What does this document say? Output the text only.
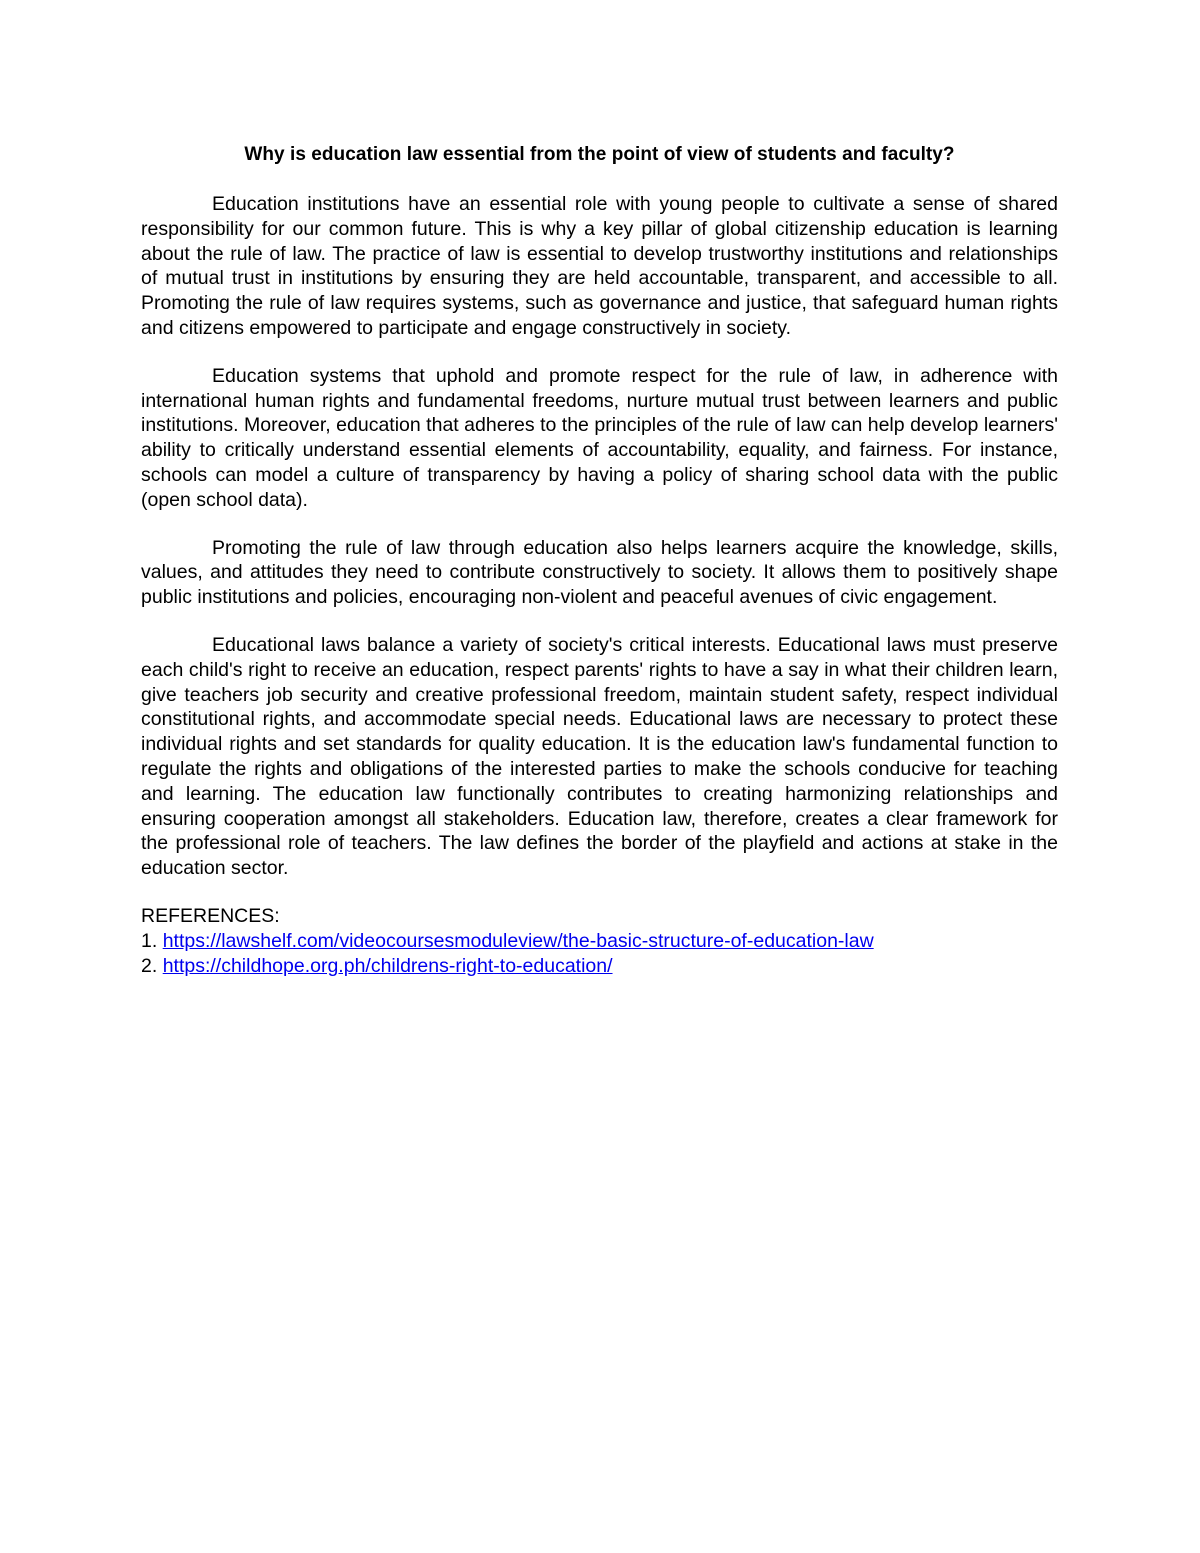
Why is education law essential from the point of view of students and faculty?

Education institutions have an essential role with young people to cultivate a sense of shared responsibility for our common future. This is why a key pillar of global citizenship education is learning about the rule of law. The practice of law is essential to develop trustworthy institutions and relationships of mutual trust in institutions by ensuring they are held accountable, transparent, and accessible to all. Promoting the rule of law requires systems, such as governance and justice, that safeguard human rights and citizens empowered to participate and engage constructively in society.

Education systems that uphold and promote respect for the rule of law, in adherence with international human rights and fundamental freedoms, nurture mutual trust between learners and public institutions. Moreover, education that adheres to the principles of the rule of law can help develop learners' ability to critically understand essential elements of accountability, equality, and fairness. For instance, schools can model a culture of transparency by having a policy of sharing school data with the public (open school data).

Promoting the rule of law through education also helps learners acquire the knowledge, skills, values, and attitudes they need to contribute constructively to society. It allows them to positively shape public institutions and policies, encouraging non-violent and peaceful avenues of civic engagement.

Educational laws balance a variety of society's critical interests. Educational laws must preserve each child's right to receive an education, respect parents' rights to have a say in what their children learn, give teachers job security and creative professional freedom, maintain student safety, respect individual constitutional rights, and accommodate special needs. Educational laws are necessary to protect these individual rights and set standards for quality education. It is the education law's fundamental function to regulate the rights and obligations of the interested parties to make the schools conducive for teaching and learning. The education law functionally contributes to creating harmonizing relationships and ensuring cooperation amongst all stakeholders. Education law, therefore, creates a clear framework for the professional role of teachers. The law defines the border of the playfield and actions at stake in the education sector.

REFERENCES:
1. https://lawshelf.com/videocoursesmoduleview/the-basic-structure-of-education-law
2. https://childhope.org.ph/childrens-right-to-education/
